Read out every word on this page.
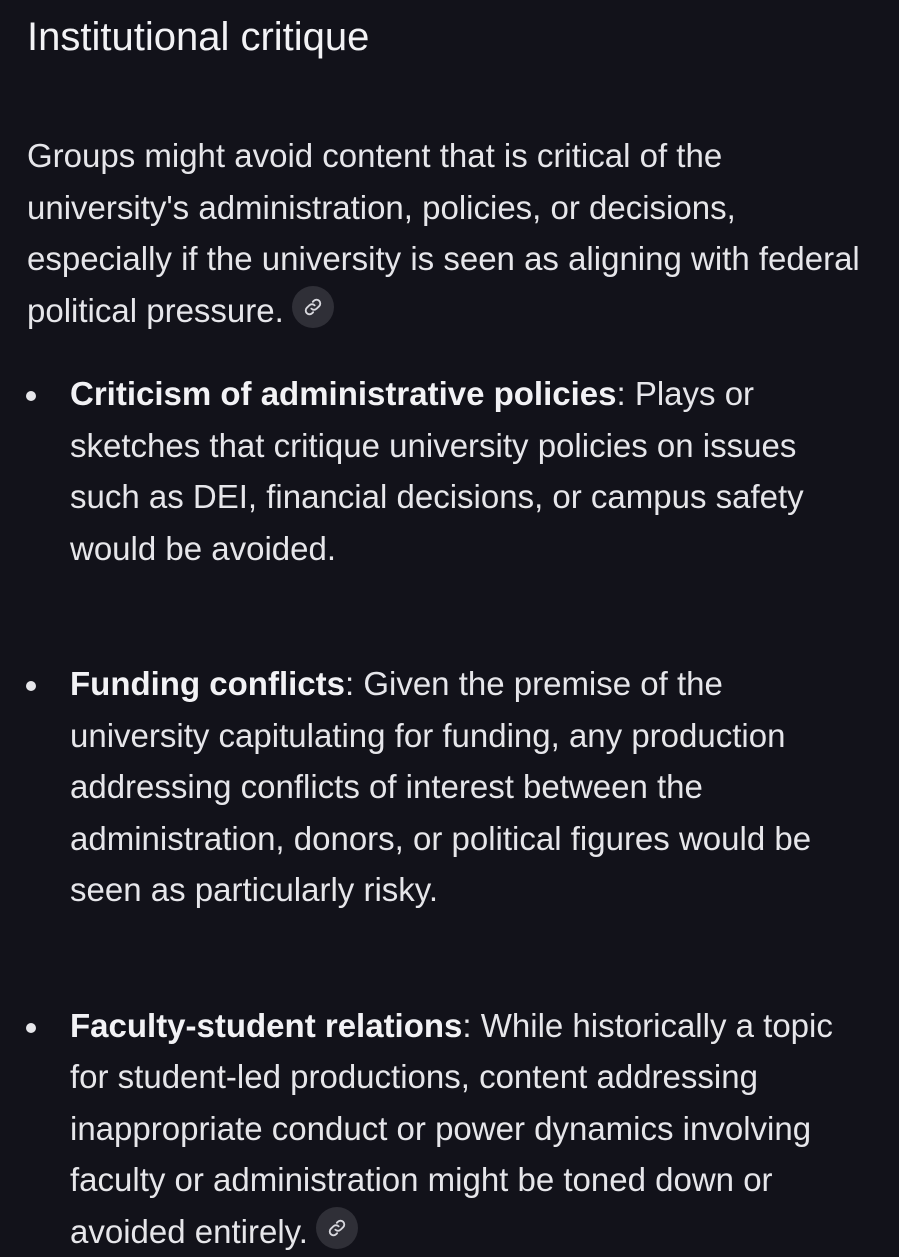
Institutional critique

Groups might avoid content that is critical of the university's administration, policies, or decisions, especially if the university is seen as aligning with federal political pressure.

Criticism of administrative policies: Plays or sketches that critique university policies on issues such as DEI, financial decisions, or campus safety would be avoided.
Funding conflicts: Given the premise of the university capitulating for funding, any production addressing conflicts of interest between the administration, donors, or political figures would be seen as particularly risky.
Faculty-student relations: While historically a topic for student-led productions, content addressing inappropriate conduct or power dynamics involving faculty or administration might be toned down or avoided entirely.
